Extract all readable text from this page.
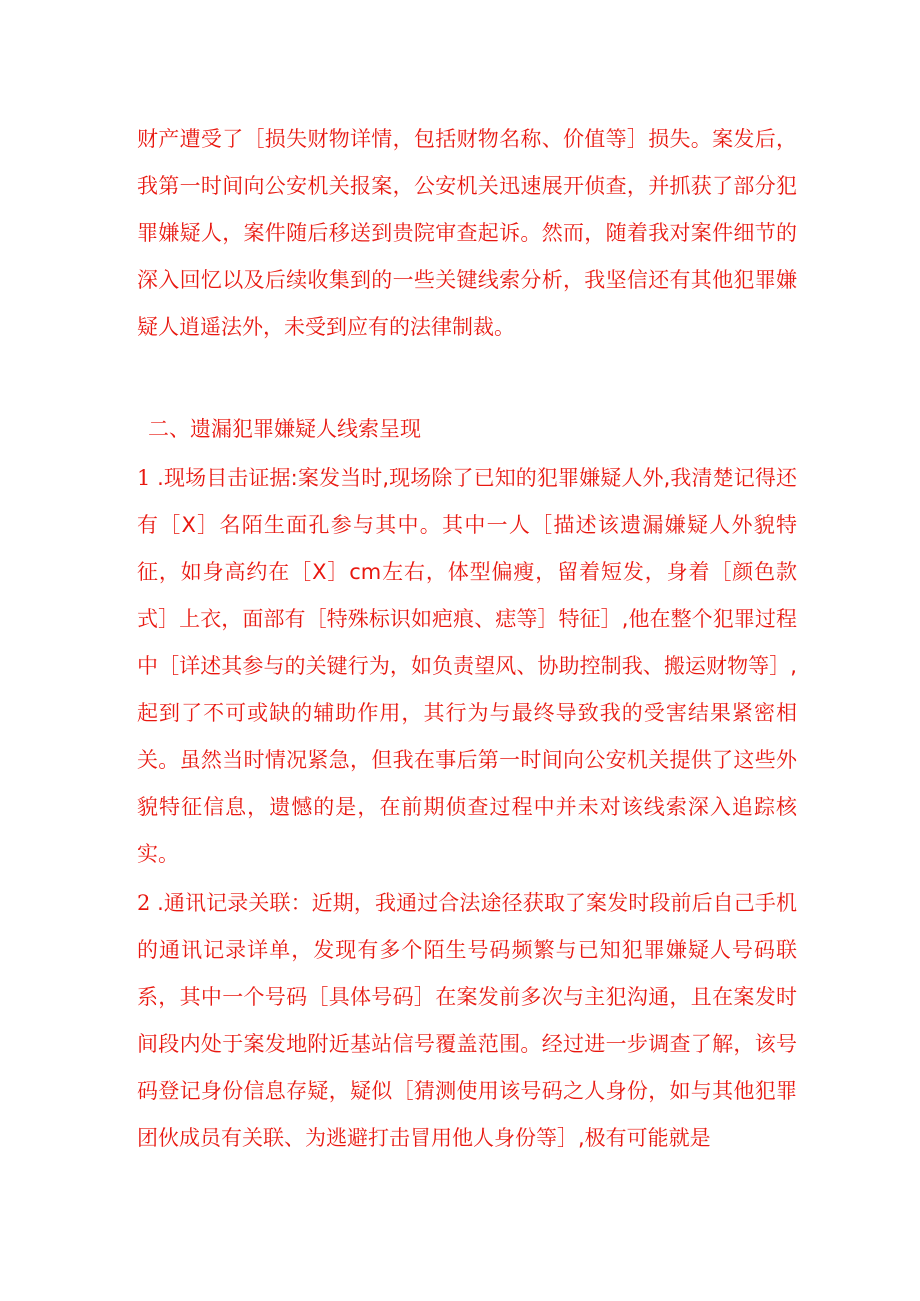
财产遭受了［损失财物详情，包括财物名称、价值等］损失。案发后，我第一时间向公安机关报案，公安机关迅速展开侦查，并抓获了部分犯罪嫌疑人，案件随后移送到贵院审查起诉。然而，随着我对案件细节的深入回忆以及后续收集到的一些关键线索分析，我坚信还有其他犯罪嫌疑人逍遥法外，未受到应有的法律制裁。

二、遗漏犯罪嫌疑人线索呈现

1 .现场目击证据:案发当时,现场除了已知的犯罪嫌疑人外,我清楚记得还有［X］名陌生面孔参与其中。其中一人［描述该遗漏嫌疑人外貌特征，如身高约在［X］cm左右，体型偏瘦，留着短发，身着［颜色款式］上衣，面部有［特殊标识如疤痕、痣等］特征］,他在整个犯罪过程中［详述其参与的关键行为，如负责望风、协助控制我、搬运财物等］,起到了不可或缺的辅助作用，其行为与最终导致我的受害结果紧密相关。虽然当时情况紧急，但我在事后第一时间向公安机关提供了这些外貌特征信息，遗憾的是，在前期侦查过程中并未对该线索深入追踪核实。

2 .通讯记录关联：近期，我通过合法途径获取了案发时段前后自己手机的通讯记录详单，发现有多个陌生号码频繁与已知犯罪嫌疑人号码联系，其中一个号码［具体号码］在案发前多次与主犯沟通，且在案发时间段内处于案发地附近基站信号覆盖范围。经过进一步调查了解，该号码登记身份信息存疑，疑似［猜测使用该号码之人身份，如与其他犯罪团伙成员有关联、为逃避打击冒用他人身份等］,极有可能就是
